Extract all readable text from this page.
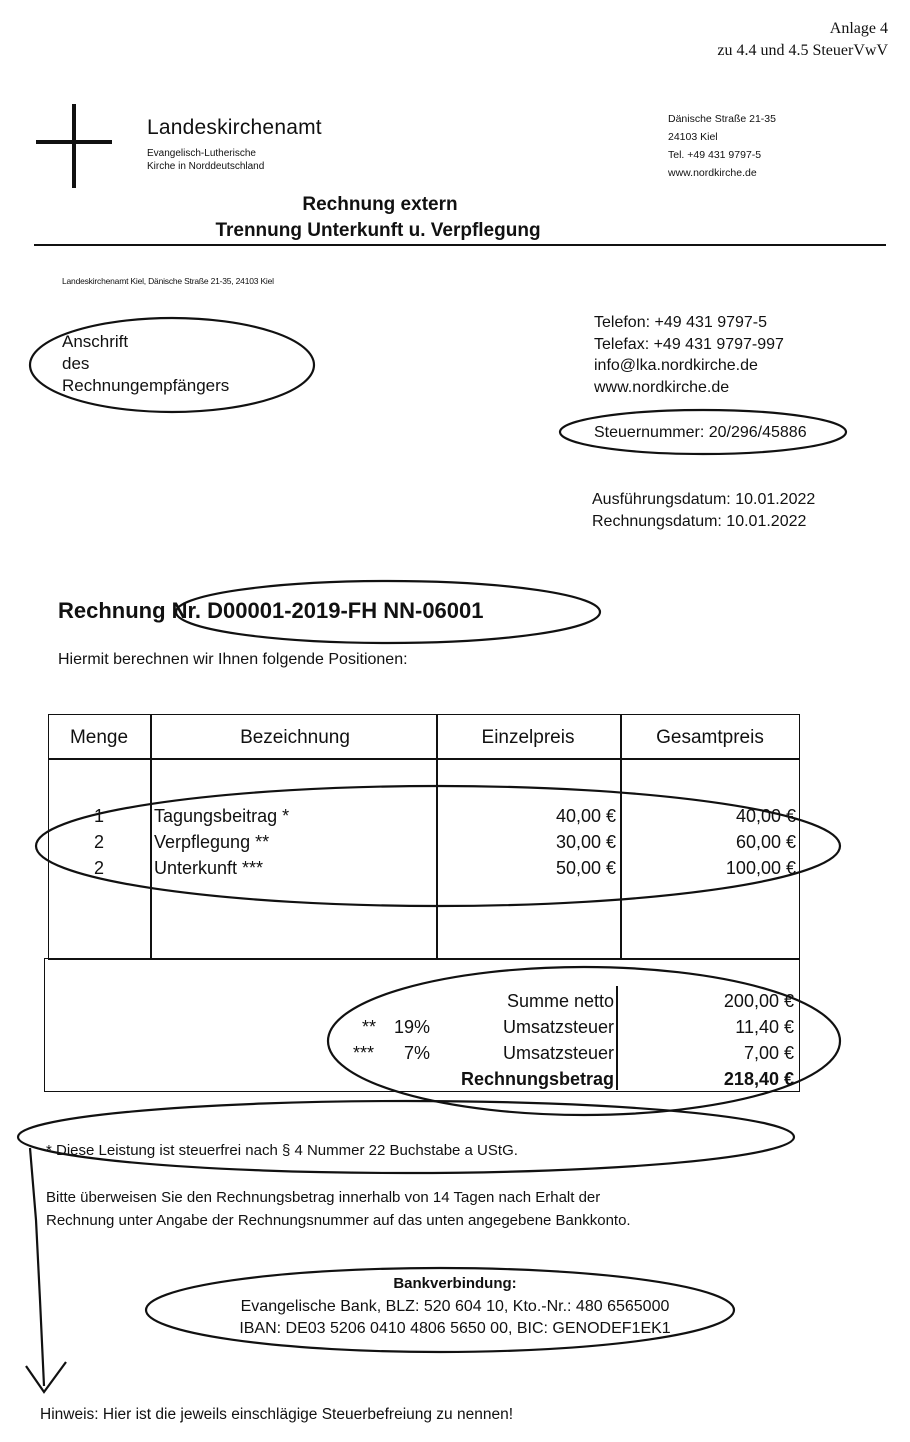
Anlage 4
zu 4.4 und 4.5 SteuerVwV
Landeskirchenamt
Evangelisch-Lutherische
Kirche in Norddeutschland
Dänische Straße 21-35
24103 Kiel
Tel. +49 431 9797-5
www.nordkirche.de
Rechnung extern
Trennung Unterkunft u. Verpflegung
Landeskirchenamt Kiel, Dänische Straße 21-35, 24103 Kiel
Anschrift
des
Rechnungempfängers
Telefon: +49 431 9797-5
Telefax: +49 431 9797-997
info@lka.nordkirche.de
www.nordkirche.de
Steuernummer: 20/296/45886
Ausführungsdatum: 10.01.2022
Rechnungsdatum: 10.01.2022
Rechnung Nr. D00001-2019-FH NN-06001
Hiermit berechnen wir Ihnen folgende Positionen:
Menge	Bezeichnung	Einzelpreis	Gesamtpreis
1	Tagungsbeitrag *	40,00 €	40,00 €
2	Verpflegung **	30,00 €	60,00 €
2	Unterkunft ***	50,00 €	100,00 €
Summe netto	200,00 €
** 19%	Umsatzsteuer	11,40 €
***	7%	Umsatzsteuer	7,00 €
Rechnungsbetrag	218,40 €
* Diese Leistung ist steuerfrei nach § 4 Nummer 22 Buchstabe a UStG.
Bitte überweisen Sie den Rechnungsbetrag innerhalb von 14 Tagen nach Erhalt der
Rechnung unter Angabe der Rechnungsnummer auf das unten angegebene Bankkonto.
Bankverbindung:
Evangelische Bank, BLZ: 520 604 10, Kto.-Nr.: 480 6565000
IBAN: DE03 5206 0410 4806 5650 00, BIC: GENODEF1EK1
Hinweis: Hier ist die jeweils einschlägige Steuerbefreiung zu nennen!
